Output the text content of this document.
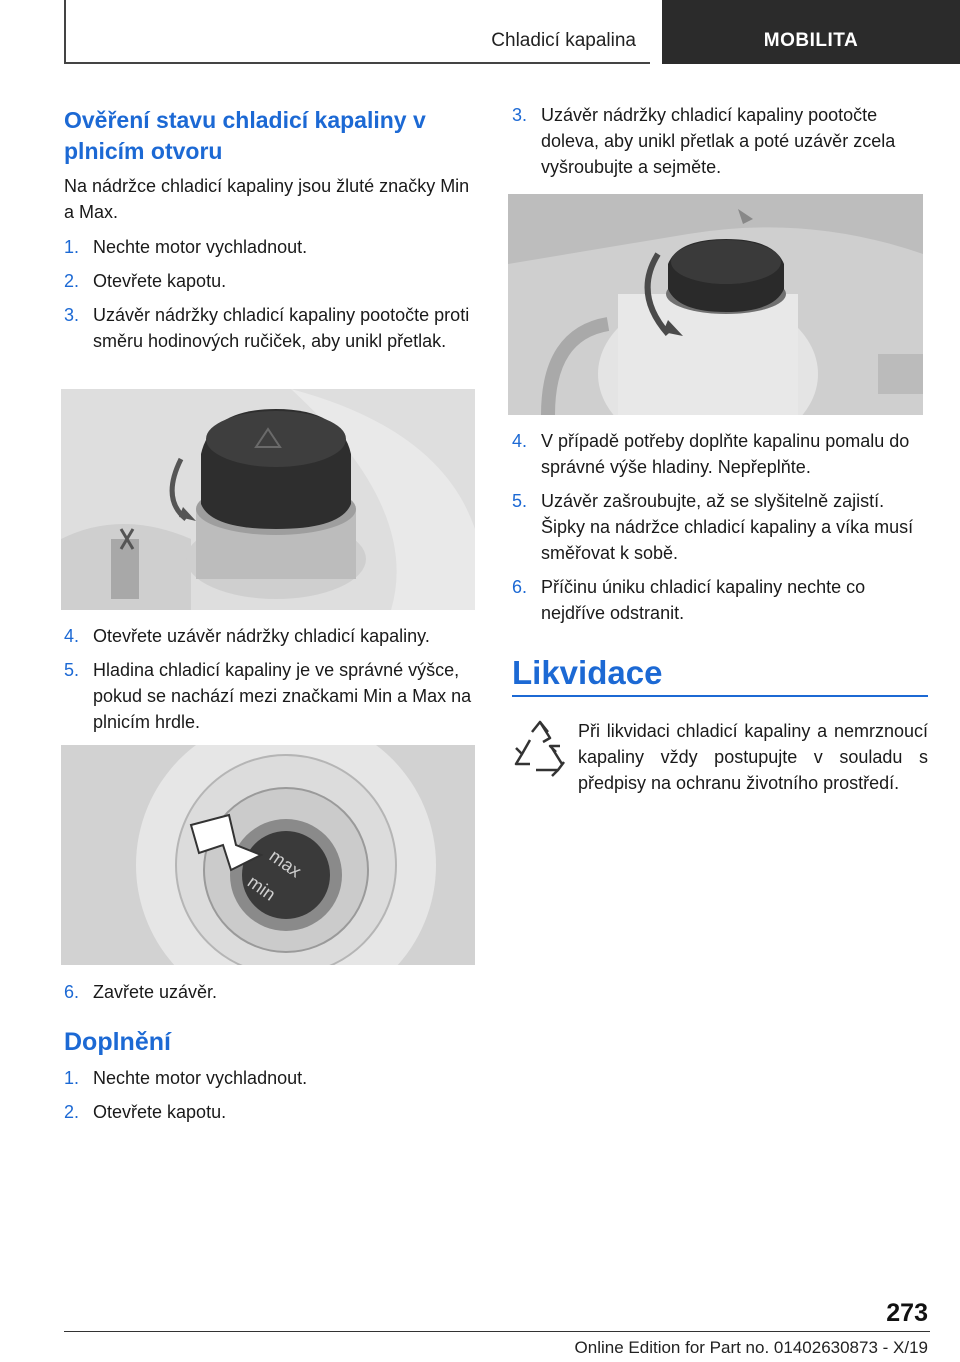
Chladicí kapalina	MOBILITA
Ověření stavu chladicí kapaliny v plnicím otvoru

Na nádržce chladicí kapaliny jsou žluté značky Min a Max.

1. Nechte motor vychladnout.
2. Otevřete kapotu.
3. Uzávěr nádržky chladicí kapaliny pootočte proti směru hodinových ručiček, aby unikl přetlak.
4. Otevřete uzávěr nádržky chladicí kapaliny.
5. Hladina chladicí kapaliny je ve správné výšce, pokud se nachází mezi značkami Min a Max na plnicím hrdle.
max
min
6. Zavřete uzávěr.
Doplnění
1. Nechte motor vychladnout.
2. Otevřete kapotu.
3. Uzávěr nádržky chladicí kapaliny pootočte doleva, aby unikl přetlak a poté uzávěr zcela vyšroubujte a sejměte.
4. V případě potřeby doplňte kapalinu pomalu do správné výše hladiny. Nepřeplňte.
5. Uzávěr zašroubujte, až se slyšitelně zajistí. Šipky na nádržce chladicí kapaliny a víka musí směřovat k sobě.
6. Příčinu úniku chladicí kapaliny nechte co nejdříve odstranit.
Likvidace

Při likvidaci chladicí kapaliny a nemrznoucí kapaliny vždy postupujte v souladu s předpisy na ochranu životního prostředí.

273
Online Edition for Part no. 01402630873 - X/19
